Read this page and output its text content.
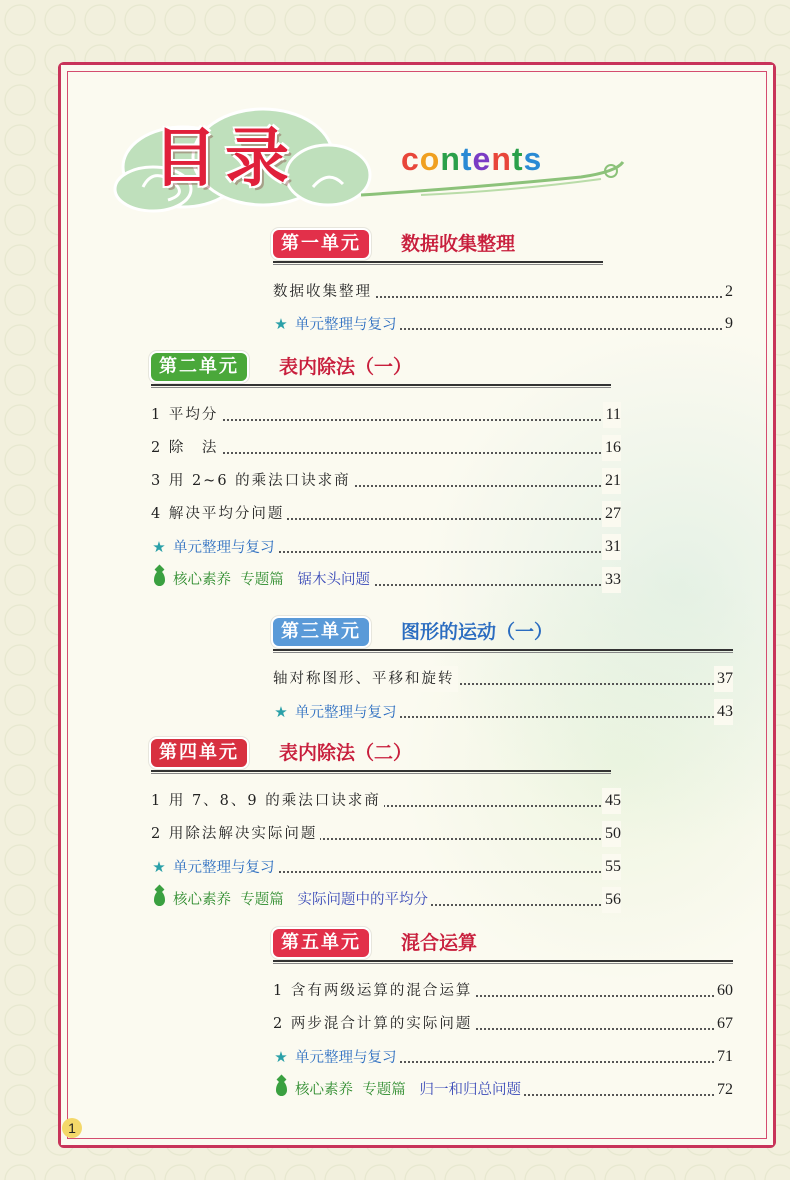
目录	contents
第一单元	数据收集整理
数据收集整理	2
★ 单元整理与复习	9
第二单元	表内除法（一）
1 平均分	11
2 除　法	16
3 用 2~6 的乘法口诀求商	21
4 解决平均分问题	27
★ 单元整理与复习	31
核心素养 专题篇 锯木头问题	33
第三单元	图形的运动（一）
轴对称图形、平移和旋转	37
★ 单元整理与复习	43
第四单元	表内除法（二）
1 用 7、8、9 的乘法口诀求商	45
2 用除法解决实际问题	50
★ 单元整理与复习	55
核心素养 专题篇 实际问题中的平均分	56
第五单元	混合运算
1 含有两级运算的混合运算	60
2 两步混合计算的实际问题	67
★ 单元整理与复习	71
核心素养 专题篇 归一和归总问题	72
1
